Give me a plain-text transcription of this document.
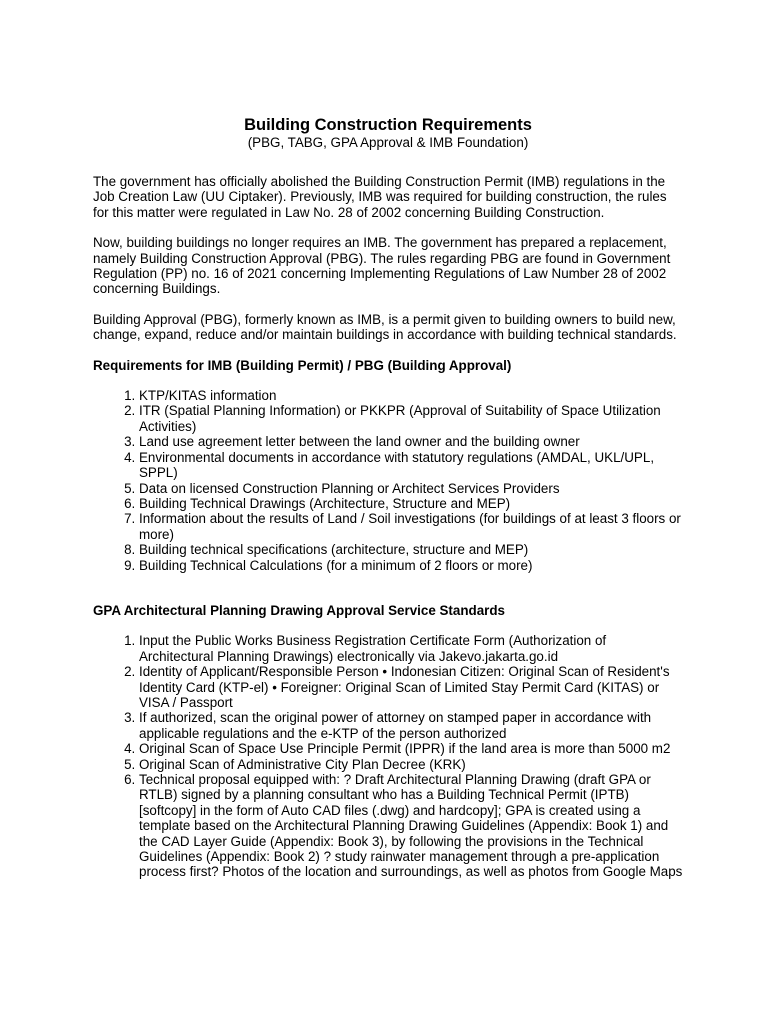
Building Construction Requirements

(PBG, TABG, GPA Approval & IMB Foundation)

The government has officially abolished the Building Construction Permit (IMB) regulations in the Job Creation Law (UU Ciptaker). Previously, IMB was required for building construction, the rules for this matter were regulated in Law No. 28 of 2002 concerning Building Construction.

Now, building buildings no longer requires an IMB. The government has prepared a replacement, namely Building Construction Approval (PBG). The rules regarding PBG are found in Government Regulation (PP) no. 16 of 2021 concerning Implementing Regulations of Law Number 28 of 2002 concerning Buildings.

Building Approval (PBG), formerly known as IMB, is a permit given to building owners to build new, change, expand, reduce and/or maintain buildings in accordance with building technical standards.

Requirements for IMB (Building Permit) / PBG (Building Approval)

1. KTP/KITAS information
2. ITR (Spatial Planning Information) or PKKPR (Approval of Suitability of Space Utilization Activities)
3. Land use agreement letter between the land owner and the building owner
4. Environmental documents in accordance with statutory regulations (AMDAL, UKL/UPL, SPPL)
5. Data on licensed Construction Planning or Architect Services Providers
6. Building Technical Drawings (Architecture, Structure and MEP)
7. Information about the results of Land / Soil investigations (for buildings of at least 3 floors or more)
8. Building technical specifications (architecture, structure and MEP)
9. Building Technical Calculations (for a minimum of 2 floors or more)

GPA Architectural Planning Drawing Approval Service Standards

1. Input the Public Works Business Registration Certificate Form (Authorization of Architectural Planning Drawings) electronically via Jakevo.jakarta.go.id
2. Identity of Applicant/Responsible Person • Indonesian Citizen: Original Scan of Resident's Identity Card (KTP-el) • Foreigner: Original Scan of Limited Stay Permit Card (KITAS) or VISA / Passport
3. If authorized, scan the original power of attorney on stamped paper in accordance with applicable regulations and the e-KTP of the person authorized
4. Original Scan of Space Use Principle Permit (IPPR) if the land area is more than 5000 m2
5. Original Scan of Administrative City Plan Decree (KRK)
6. Technical proposal equipped with: ? Draft Architectural Planning Drawing (draft GPA or RTLB) signed by a planning consultant who has a Building Technical Permit (IPTB) [softcopy] in the form of Auto CAD files (.dwg) and hardcopy]; GPA is created using a template based on the Architectural Planning Drawing Guidelines (Appendix: Book 1) and the CAD Layer Guide (Appendix: Book 3), by following the provisions in the Technical Guidelines (Appendix: Book 2) ? study rainwater management through a pre-application process first? Photos of the location and surroundings, as well as photos from Google Maps
